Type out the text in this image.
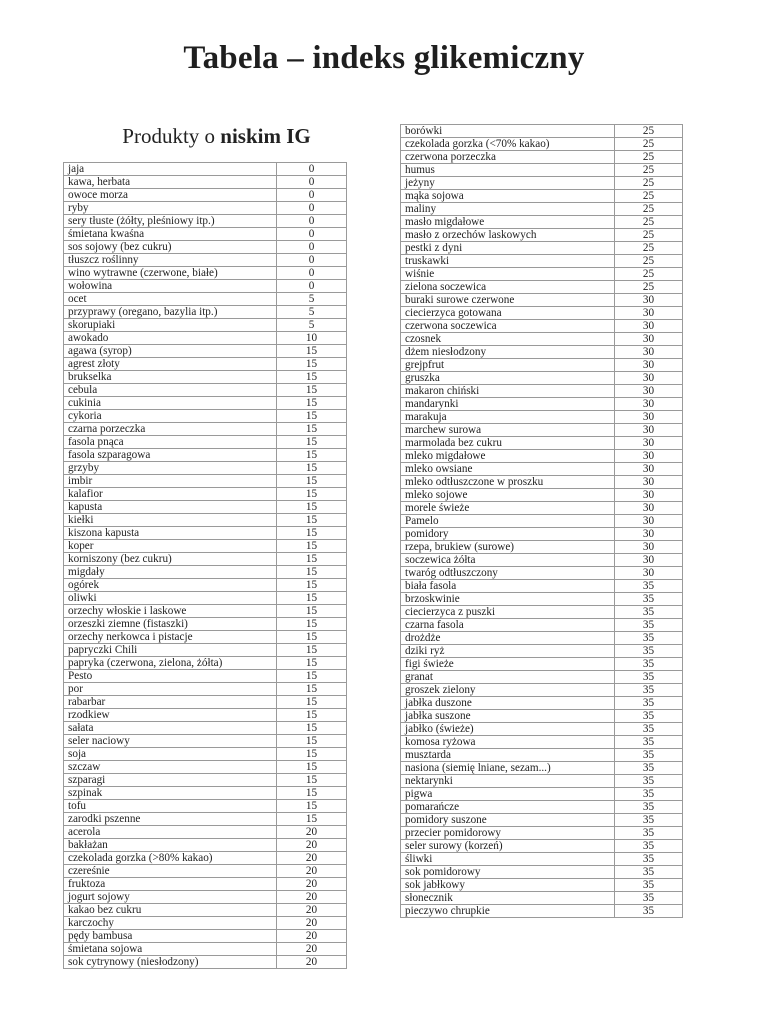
Tabela – indeks glikemiczny
Produkty o niskim IG
jaja	0
kawa, herbata	0
owoce morza	0
ryby	0
sery tłuste (żółty, pleśniowy itp.)	0
śmietana kwaśna	0
sos sojowy (bez cukru)	0
tłuszcz roślinny	0
wino wytrawne (czerwone, białe)	0
wołowina	0
ocet	5
przyprawy (oregano, bazylia itp.)	5
skorupiaki	5
awokado	10
agawa (syrop)	15
agrest złoty	15
brukselka	15
cebula	15
cukinia	15
cykoria	15
czarna porzeczka	15
fasola pnąca	15
fasola szparagowa	15
grzyby	15
imbir	15
kalafior	15
kapusta	15
kiełki	15
kiszona kapusta	15
koper	15
korniszony (bez cukru)	15
migdały	15
ogórek	15
oliwki	15
orzechy włoskie i laskowe	15
orzeszki ziemne (fistaszki)	15
orzechy nerkowca i pistacje	15
papryczki Chili	15
papryka (czerwona, zielona, żółta)	15
Pesto	15
por	15
rabarbar	15
rzodkiew	15
sałata	15
seler naciowy	15
soja	15
szczaw	15
szparagi	15
szpinak	15
tofu	15
zarodki pszenne	15
acerola	20
bakłażan	20
czekolada gorzka (>80% kakao)	20
czereśnie	20
fruktoza	20
jogurt sojowy	20
kakao bez cukru	20
karczochy	20
pędy bambusa	20
śmietana sojowa	20
sok cytrynowy (niesłodzony)	20
borówki	25
czekolada gorzka (<70% kakao)	25
czerwona porzeczka	25
humus	25
jeżyny	25
mąka sojowa	25
maliny	25
masło migdałowe	25
masło z orzechów laskowych	25
pestki z dyni	25
truskawki	25
wiśnie	25
zielona soczewica	25
buraki surowe czerwone	30
ciecierzyca gotowana	30
czerwona soczewica	30
czosnek	30
dżem niesłodzony	30
grejpfrut	30
gruszka	30
makaron chiński	30
mandarynki	30
marakuja	30
marchew surowa	30
marmolada bez cukru	30
mleko migdałowe	30
mleko owsiane	30
mleko odtłuszczone w proszku	30
mleko sojowe	30
morele świeże	30
Pamelo	30
pomidory	30
rzepa, brukiew (surowe)	30
soczewica żółta	30
twaróg odtłuszczony	30
biała fasola	35
brzoskwinie	35
ciecierzyca z puszki	35
czarna fasola	35
drożdże	35
dziki ryż	35
figi świeże	35
granat	35
groszek zielony	35
jabłka duszone	35
jabłka suszone	35
jabłko (świeże)	35
komosa ryżowa	35
musztarda	35
nasiona (siemię lniane, sezam...)	35
nektarynki	35
pigwa	35
pomarańcze	35
pomidory suszone	35
przecier pomidorowy	35
seler surowy (korzeń)	35
śliwki	35
sok pomidorowy	35
sok jabłkowy	35
słonecznik	35
pieczywo chrupkie	35
